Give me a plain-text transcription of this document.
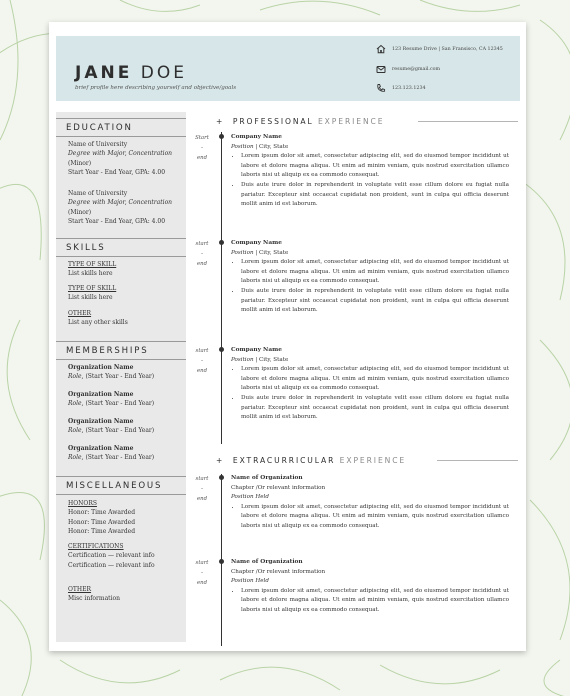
JANE DOE
brief profile here describing yourself and objective/goals
123 Resume Drive | San Fransisco, CA 12345
resume@gmail.com
123.123.1234
EDUCATION
Name of University
Degree with Major, Concentration
(Minor)
Start Year - End Year, GPA: 4.00
Name of University
Degree with Major, Concentration
(Minor)
Start Year - End Year, GPA: 4.00
SKILLS
TYPE OF SKILL
List skills here
TYPE OF SKILL
List skills here
OTHER
List any other skills
MEMBERSHIPS
Organization Name
Role, (Start Year - End Year)
Organization Name
Role, (Start Year - End Year)
Organization Name
Role, (Start Year - End Year)
Organization Name
Role, (Start Year - End Year)
MISCELLANEOUS
HONORS
Honor: Time Awarded
Honor: Time Awarded
Honor: Time Awarded
CERTIFICATIONS
Certification — relevant info
Certification — relevant info
OTHER
Misc information
+  PROFESSIONAL EXPERIENCE
Start
-
end
Company Name
Position | City, State
• Lorem ipsum dolor sit amet, consectetur adipiscing elit, sed do eiusmod tempor incididunt ut labore et dolore magna aliqua. Ut enim ad minim veniam, quis nostrud exercitation ullamco laboris nisi ut aliquip ex ea commodo consequat.
• Duis aute irure dolor in reprehenderit in voluptate velit esse cillum dolore eu fugiat nulla pariatur. Excepteur sint occaecat cupidatat non proident, sunt in culpa qui officia deserunt mollit anim id est laborum.
start
-
end
Company Name
Position | City, State
• Lorem ipsum dolor sit amet, consectetur adipiscing elit, sed do eiusmod tempor incididunt ut labore et dolore magna aliqua. Ut enim ad minim veniam, quis nostrud exercitation ullamco laboris nisi ut aliquip ex ea commodo consequat.
• Duis aute irure dolor in reprehenderit in voluptate velit esse cillum dolore eu fugiat nulla pariatur. Excepteur sint occaecat cupidatat non proident, sunt in culpa qui officia deserunt mollit anim id est laborum.
start
-
end
Company Name
Position | City, State
• Lorem ipsum dolor sit amet, consectetur adipiscing elit, sed do eiusmod tempor incididunt ut labore et dolore magna aliqua. Ut enim ad minim veniam, quis nostrud exercitation ullamco laboris nisi ut aliquip ex ea commodo consequat.
• Duis aute irure dolor in reprehenderit in voluptate velit esse cillum dolore eu fugiat nulla pariatur. Excepteur sint occaecat cupidatat non proident, sunt in culpa qui officia deserunt mollit anim id est laborum.
+  EXTRACURRICULAR EXPERIENCE
start
-
end
Name of Organization
Chapter /Or relevant information
Position Held
• Lorem ipsum dolor sit amet, consectetur adipiscing elit, sed do eiusmod tempor incididunt ut labore et dolore magna aliqua. Ut enim ad minim veniam, quis nostrud exercitation ullamco laboris nisi ut aliquip ex ea commodo consequat.
start
-
end
Name of Organization
Chapter /Or relevant information
Position Held
• Lorem ipsum dolor sit amet, consectetur adipiscing elit, sed do eiusmod tempor incididunt ut labore et dolore magna aliqua. Ut enim ad minim veniam, quis nostrud exercitation ullamco laboris nisi ut aliquip ex ea commodo consequat.
